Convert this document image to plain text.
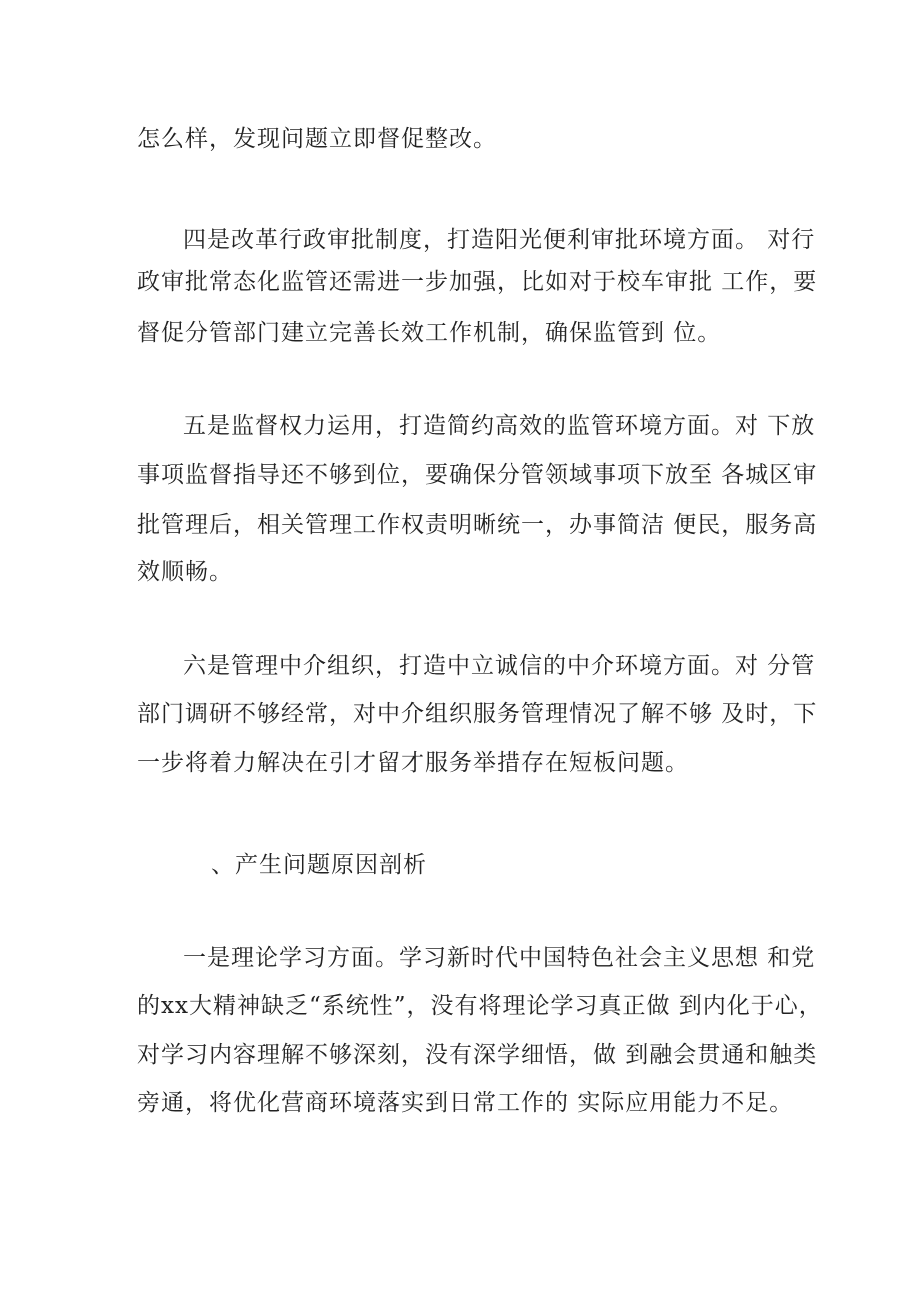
怎么样，发现问题立即督促整改。

四是改革行政审批制度，打造阳光便利审批环境方面。 对行

政审批常态化监管还需进一步加强，比如对于校车审批 工作，要

督促分管部门建立完善长效工作机制，确保监管到 位。

五是监督权力运用，打造简约高效的监管环境方面。对 下放

事项监督指导还不够到位，要确保分管领域事项下放至 各城区审

批管理后，相关管理工作权责明晰统一，办事简洁 便民，服务高

效顺畅。

六是管理中介组织，打造中立诚信的中介环境方面。对 分管

部门调研不够经常，对中介组织服务管理情况了解不够 及时，下

一步将着力解决在引才留才服务举措存在短板问题。

、产生问题原因剖析

一是理论学习方面。学习新时代中国特色社会主义思想 和党

的xx大精神缺乏“系统性”，没有将理论学习真正做 到内化于心，

对学习内容理解不够深刻，没有深学细悟，做 到融会贯通和触类

旁通，将优化营商环境落实到日常工作的 实际应用能力不足。
